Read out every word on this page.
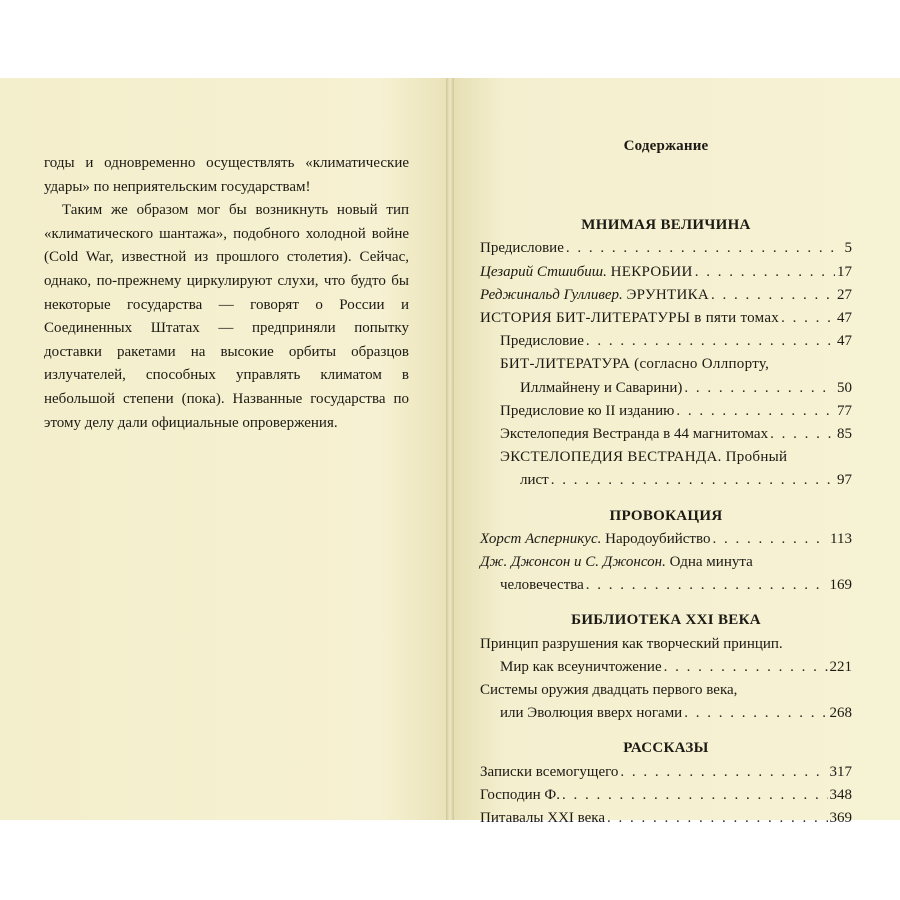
годы и одновременно осуществлять «климатические удары» по неприятельским государствам!

Таким же образом мог бы возникнуть новый тип «климатического шантажа», подобного холодной войне (Cold War, известной из прошлого столетия). Сейчас, однако, по-прежнему циркулируют слухи, что будто бы некоторые государства — говорят о России и Соединенных Штатах — предприняли попытку доставки ракетами на высокие орбиты образцов излучателей, способных управлять климатом в небольшой степени (пока). Названные государства по этому делу дали официальные опровержения.

Содержание
МНИМАЯ ВЕЛИЧИНА
Предисловие . . .	5
Цезарий Стшибиш. НЕКРОБИИ . . .	17
Реджинальд Гулливер. ЭРУНТИКА . . .	27
ИСТОРИЯ БИТ-ЛИТЕРАТУРЫ в пяти томах . . .	47
Предисловие . . .	47
БИТ-ЛИТЕРАТУРА (согласно Оллпорту,
Иллмайнену и Саварини) . . .	50
Предисловие ко II изданию . . .	77
Экстелопедия Вестранда в 44 магнитомах . . .	85
ЭКСТЕЛОПЕДИЯ ВЕСТРАНДА. Пробный
лист . . .	97
ПРОВОКАЦИЯ
Хорст Асперникус. Народоубийство . . .	113
Дж. Джонсон и С. Джонсон. Одна минута
человечества . . .	169
БИБЛИОТЕКА XXI ВЕКА
Принцип разрушения как творческий принцип.
Мир как всеуничтожение . . .	221
Системы оружия двадцать первого века,
или Эволюция вверх ногами . . .	268
РАССКАЗЫ
Записки всемогущего . . .	317
Господин Ф. . . .	348
Питавалы XXI века . . .	369
